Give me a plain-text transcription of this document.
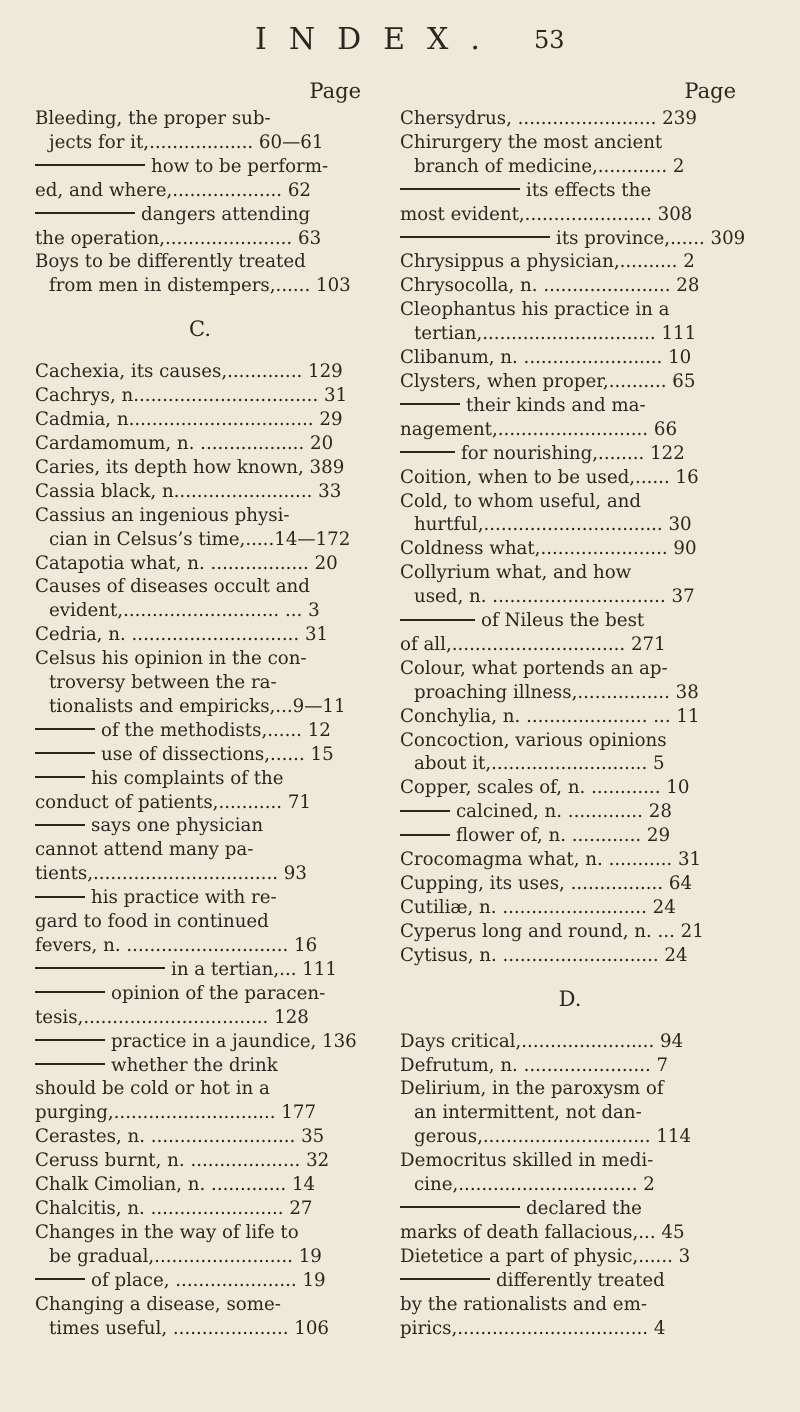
INDEX. 53
Page
Bleeding, the proper sub-
jects for it,.................. 60—61
how to be perform-
ed, and where,................... 62
dangers attending
the operation,...................... 63
Boys to be differently treated
from men in distempers,...... 103
C.
Cachexia, its causes,............. 129
Cachrys, n................................ 31
Cadmia, n................................ 29
Cardamomum, n. .................. 20
Caries, its depth how known, 389
Cassia black, n........................ 33
Cassius an ingenious physi-
cian in Celsus’s time,.....14—172
Catapotia what, n. ................. 20
Causes of diseases occult and
evident,........................... ... 3
Cedria, n. ............................. 31
Celsus his opinion in the con-
troversy between the ra-
tionalists and empiricks,...9—11
of the methodists,...... 12
use of dissections,...... 15
his complaints of the
conduct of patients,........... 71
says one physician
cannot attend many pa-
tients,................................ 93
his practice with re-
gard to food in continued
fevers, n. ............................ 16
in a tertian,... 111
opinion of the paracen-
tesis,................................ 128
practice in a jaundice, 136
whether the drink
should be cold or hot in a
purging,............................ 177
Cerastes, n. ......................... 35
Ceruss burnt, n. ................... 32
Chalk Cimolian, n. ............. 14
Chalcitis, n. ....................... 27
Changes in the way of life to
be gradual,........................ 19
of place, ..................... 19
Changing a disease, some-
times useful, .................... 106
Page
Chersydrus, ........................ 239
Chirurgery the most ancient
branch of medicine,............ 2
its effects the
most evident,...................... 308
its province,...... 309
Chrysippus a physician,.......... 2
Chrysocolla, n. ...................... 28
Cleophantus his practice in a
tertian,.............................. 111
Clibanum, n. ........................ 10
Clysters, when proper,.......... 65
their kinds and ma-
nagement,.......................... 66
for nourishing,........ 122
Coition, when to be used,...... 16
Cold, to whom useful, and
hurtful,............................... 30
Coldness what,...................... 90
Collyrium what, and how
used, n. .............................. 37
of Nileus the best
of all,.............................. 271
Colour, what portends an ap-
proaching illness,................ 38
Conchylia, n. ..................... ... 11
Concoction, various opinions
about it,........................... 5
Copper, scales of, n. ............ 10
calcined, n. ............. 28
flower of, n. ............ 29
Crocomagma what, n. ........... 31
Cupping, its uses, ................ 64
Cutiliæ, n. ......................... 24
Cyperus long and round, n. ... 21
Cytisus, n. ........................... 24
D.
Days critical,....................... 94
Defrutum, n. ...................... 7
Delirium, in the paroxysm of
an intermittent, not dan-
gerous,............................. 114
Democritus skilled in medi-
cine,............................... 2
declared the
marks of death fallacious,... 45
Dietetice a part of physic,...... 3
differently treated
by the rationalists and em-
pirics,................................. 4
